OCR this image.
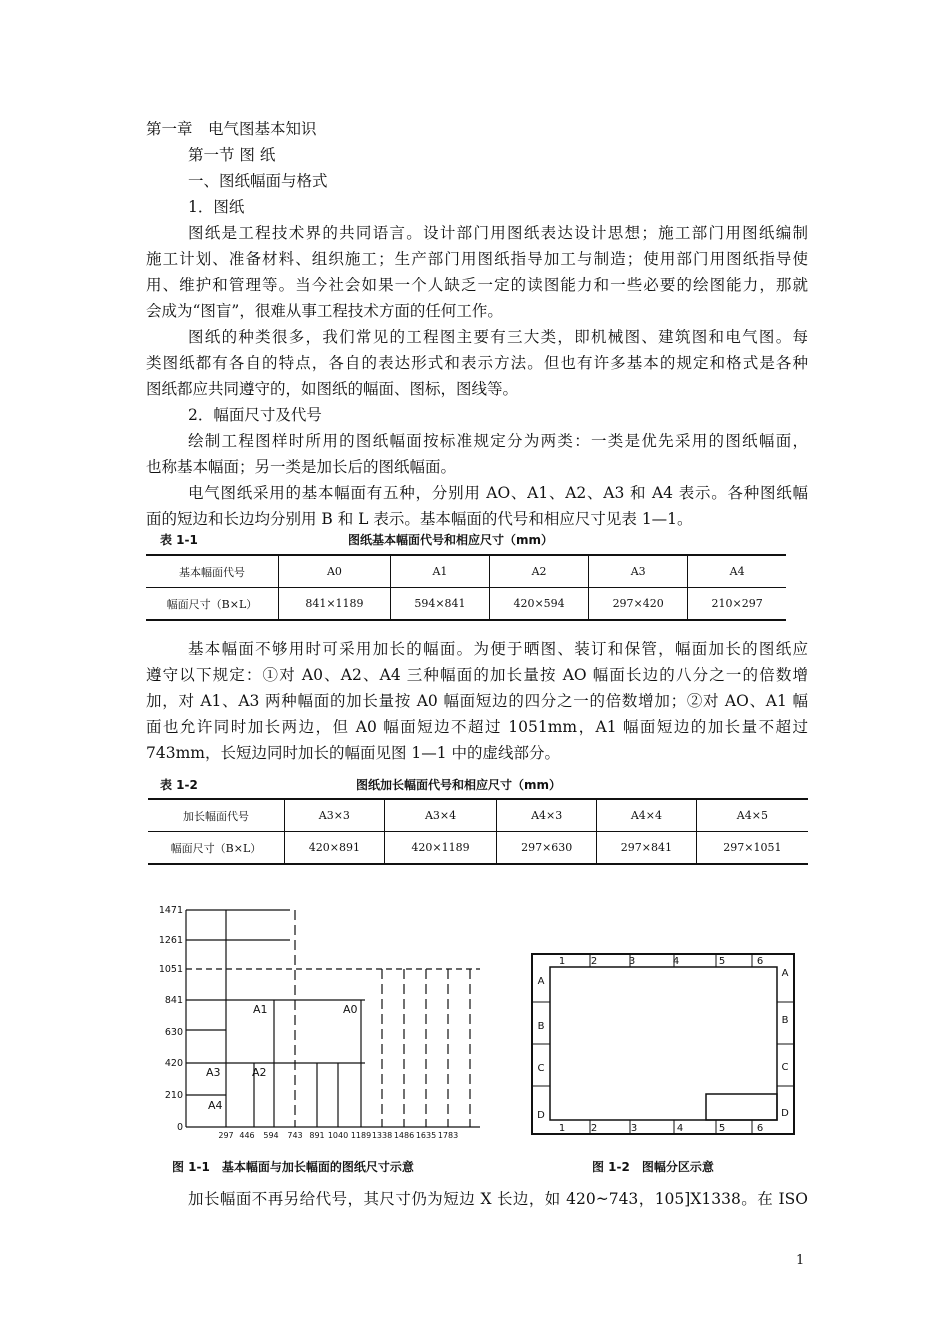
第一章　电气图基本知识
第一节 图 纸
一、图纸幅面与格式
1．图纸
图纸是工程技术界的共同语言。设计部门用图纸表达设计思想；施工部门用图纸编制
施工计划、准备材料、组织施工；生产部门用图纸指导加工与制造；使用部门用图纸指导使
用、维护和管理等。当今社会如果一个人缺乏一定的读图能力和一些必要的绘图能力，那就
会成为“图盲”，很难从事工程技术方面的任何工作。
图纸的种类很多，我们常见的工程图主要有三大类，即机械图、建筑图和电气图。每
类图纸都有各自的特点，各自的表达形式和表示方法。但也有许多基本的规定和格式是各种
图纸都应共同遵守的，如图纸的幅面、图标，图线等。
2．幅面尺寸及代号
绘制工程图样时所用的图纸幅面按标准规定分为两类：一类是优先采用的图纸幅面，
也称基本幅面；另一类是加长后的图纸幅面。
电气图纸采用的基本幅面有五种，分别用 AO、A1、A2、A3 和 A4 表示。各种图纸幅
面的短边和长边均分别用 B 和 L 表示。基本幅面的代号和相应尺寸见表 1—1。
表 1-1	图纸基本幅面代号和相应尺寸（mm）
基本幅面代号	A0	A1	A2	A3	A4
幅面尺寸（B×L）	841×1189	594×841	420×594	297×420	210×297
基本幅面不够用时可采用加长的幅面。为便于晒图、装订和保管，幅面加长的图纸应
遵守以下规定：①对 A0、A2、A4 三种幅面的加长量按 AO 幅面长边的八分之一的倍数增
加，对 A1、A3 两种幅面的加长量按 A0 幅面短边的四分之一的倍数增加；②对 AO、A1 幅
面也允许同时加长两边，但 A0 幅面短边不超过 1051mm，A1 幅面短边的加长量不超过
743mm，长短边同时加长的幅面见图 1—1 中的虚线部分。
表 1-2	图纸加长幅面代号和相应尺寸（mm）
加长幅面代号	A3×3	A3×4	A4×3	A4×4	A4×5
幅面尺寸（B×L）	420×891	420×1189	297×630	297×841	297×1051
1471
1261
1051
841
630
420
210
0
297 446 594 743 891 1040 1189 1338 1486 1635 1783
A1	A0
A3	A2
A4
图 1-1　基本幅面与加长幅面的图纸尺寸示意
1	2	3	4	5	6
1	2	3	4	5	6
A
B
C
D
A
B
C
D
图 1-2　图幅分区示意
加长幅面不再另给代号，其尺寸仍为短边 X 长边，如 420~743，105]X1338。在 ISO
1
